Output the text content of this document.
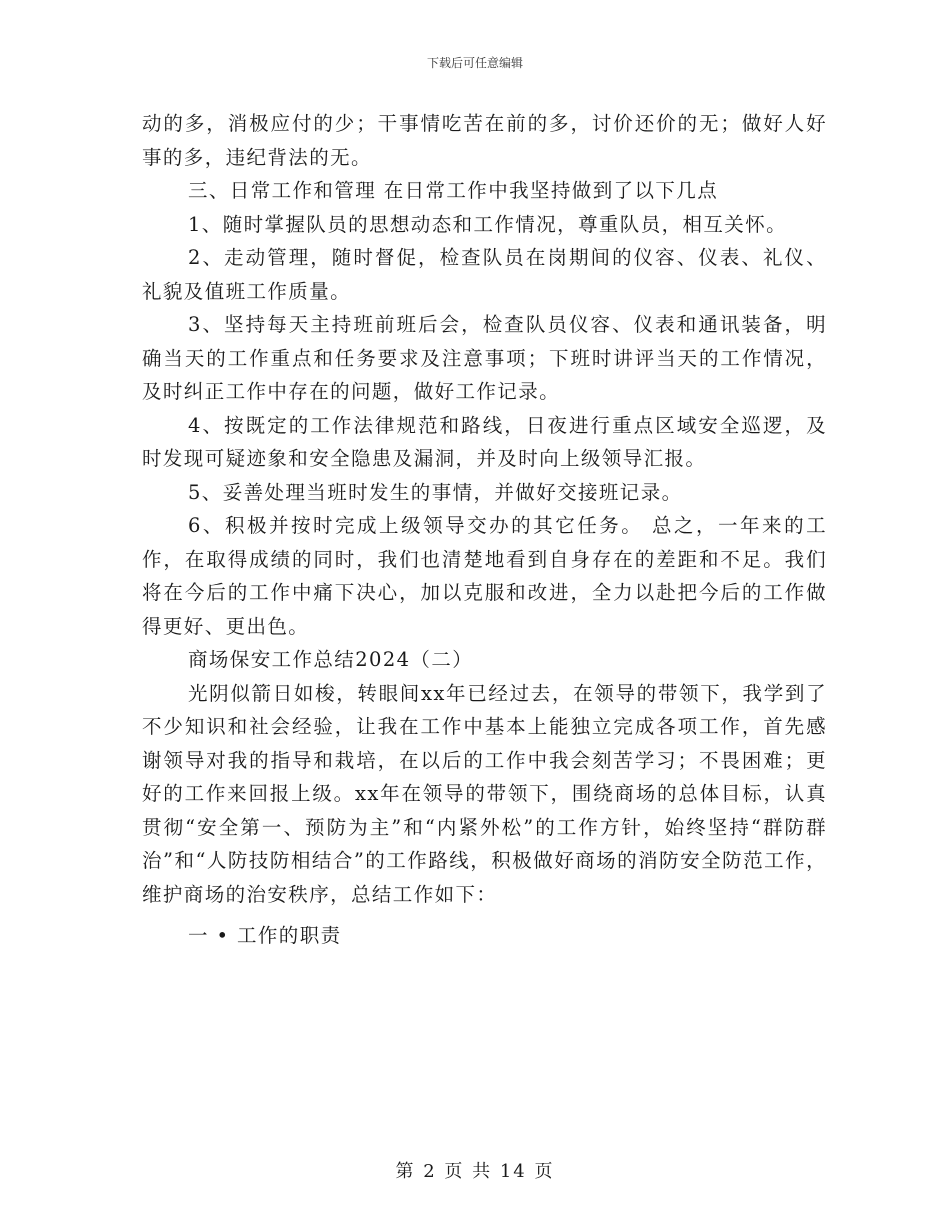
下载后可任意编辑

动的多，消极应付的少；干事情吃苦在前的多，讨价还价的无；做好人好事的多，违纪背法的无。

三、日常工作和管理 在日常工作中我坚持做到了以下几点

1、随时掌握队员的思想动态和工作情况，尊重队员，相互关怀。

2、走动管理，随时督促，检查队员在岗期间的仪容、仪表、礼仪、礼貌及值班工作质量。

3、坚持每天主持班前班后会，检查队员仪容、仪表和通讯装备，明确当天的工作重点和任务要求及注意事项；下班时讲评当天的工作情况，及时纠正工作中存在的问题，做好工作记录。

4、按既定的工作法律规范和路线，日夜进行重点区域安全巡逻，及时发现可疑迹象和安全隐患及漏洞，并及时向上级领导汇报。

5、妥善处理当班时发生的事情，并做好交接班记录。

6、积极并按时完成上级领导交办的其它任务。 总之，一年来的工作，在取得成绩的同时，我们也清楚地看到自身存在的差距和不足。我们将在今后的工作中痛下决心，加以克服和改进，全力以赴把今后的工作做得更好、更出色。

商场保安工作总结2024（二）

光阴似箭日如梭，转眼间xx年已经过去，在领导的带领下，我学到了不少知识和社会经验，让我在工作中基本上能独立完成各项工作，首先感谢领导对我的指导和栽培，在以后的工作中我会刻苦学习；不畏困难；更好的工作来回报上级。xx年在领导的带领下，围绕商场的总体目标，认真贯彻“安全第一、预防为主”和“内紧外松”的工作方针，始终坚持“群防群治”和“人防技防相结合”的工作路线，积极做好商场的消防安全防范工作，维护商场的治安秩序，总结工作如下：

一 • 工作的职责

第 2 页 共 14 页
